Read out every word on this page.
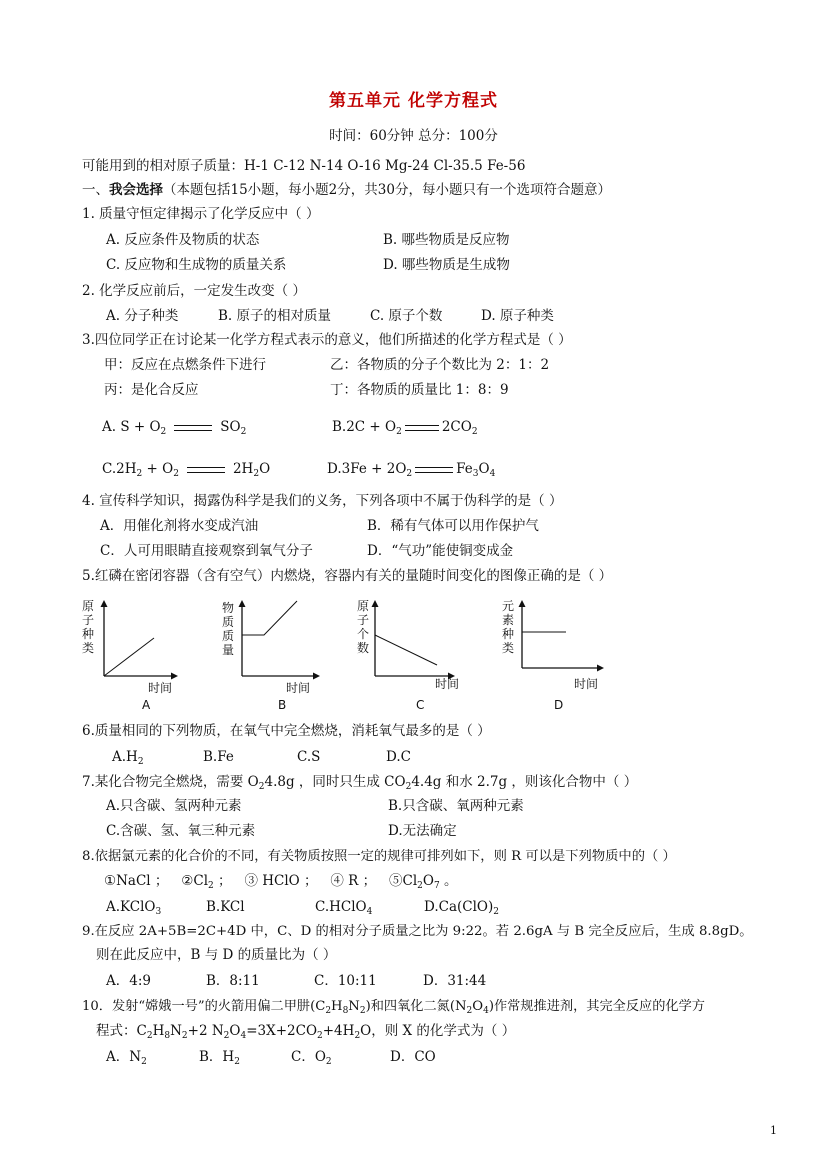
第五单元 化学方程式
时间：60分钟 总分：100分
可能用到的相对原子质量：H-1 C-12 N-14 O-16 Mg-24 Cl-35.5 Fe-56
一、我会选择（本题包括15小题，每小题2分，共30分，每小题只有一个选项符合题意）
1. 质量守恒定律揭示了化学反应中（ ）
A. 反应条件及物质的状态	B. 哪些物质是反应物
C. 反应物和生成物的质量关系	D. 哪些物质是生成物
2. 化学反应前后，一定发生改变（ ）
A. 分子种类	B. 原子的相对质量	C. 原子个数	D. 原子种类
3.四位同学正在讨论某一化学方程式表示的意义，他们所描述的化学方程式是（ ）
甲：反应在点燃条件下进行	乙：各物质的分子个数比为 2：1：2
丙：是化合反应	丁：各物质的质量比 1：8：9
A. $S + O_2$	$SO_2$	$B.2C + O_2$	$2CO_2$
$C.2H_2 + O_2$	$2H_2O$	$D.3Fe + 2O_2$	$Fe_3O_4$
4. 宣传科学知识，揭露伪科学是我们的义务，下列各项中不属于伪科学的是（ ）
A．用催化剂将水变成汽油	B．稀有气体可以用作保护气
C．人可用眼睛直接观察到氧气分子	D．“气功”能使铜变成金
5.红磷在密闭容器（含有空气）内燃烧，容器内有关的量随时间变化的图像正确的是（ ）
原
子
种
类
时间
A
物
质
质
量
时间
B
原
子
个
数
时间
C
元
素
种
类
时间
D
6.质量相同的下列物质，在氧气中完全燃烧，消耗氧气最多的是（ ）
$A.H_2$	B.Fe	C.S	D.C
7.某化合物完全燃烧，需要 $O_24.8g$ ，同时只生成 $CO_24.4g$ 和水 2.7g ，则该化合物中（ ）
A.只含碳、氢两种元素	B.只含碳、氧两种元素
C.含碳、氢、氧三种元素	D.无法确定
8.依据氯元素的化合价的不同，有关物质按照一定的规律可排列如下，则 R 可以是下列物质中的（ ）
①NaCl ； $②Cl_2$ ； ③ HClO ； ④ R ； $⑤Cl_2O_7$ 。
A.KClO$_3$	B.KCl	C.HClO$_4$	$D.Ca(ClO)_2$
9.在反应 2A+5B=2C+4D 中，C、D 的相对分子质量之比为 9:22。若 2.6gA 与 B 完全反应后，生成 8.8gD。
则在此反应中，B 与 D 的质量比为（ ）
A．4:9	B．8:11	C．10:11	D．31:44
10．发射“嫦娥一号”的火箭用偏二甲肼$(C_2H_8N_2)$和四氧化二氮$(N_2O_4)$作常规推进剂，其完全反应的化学方
程式：$C_2H_8N_2+2$ $N_2O_4=3X+2CO_2+4H_2O$，则 X 的化学式为（ ）
A．$N_2$	B．$H_2$	C．$O_2$	D．CO
1
